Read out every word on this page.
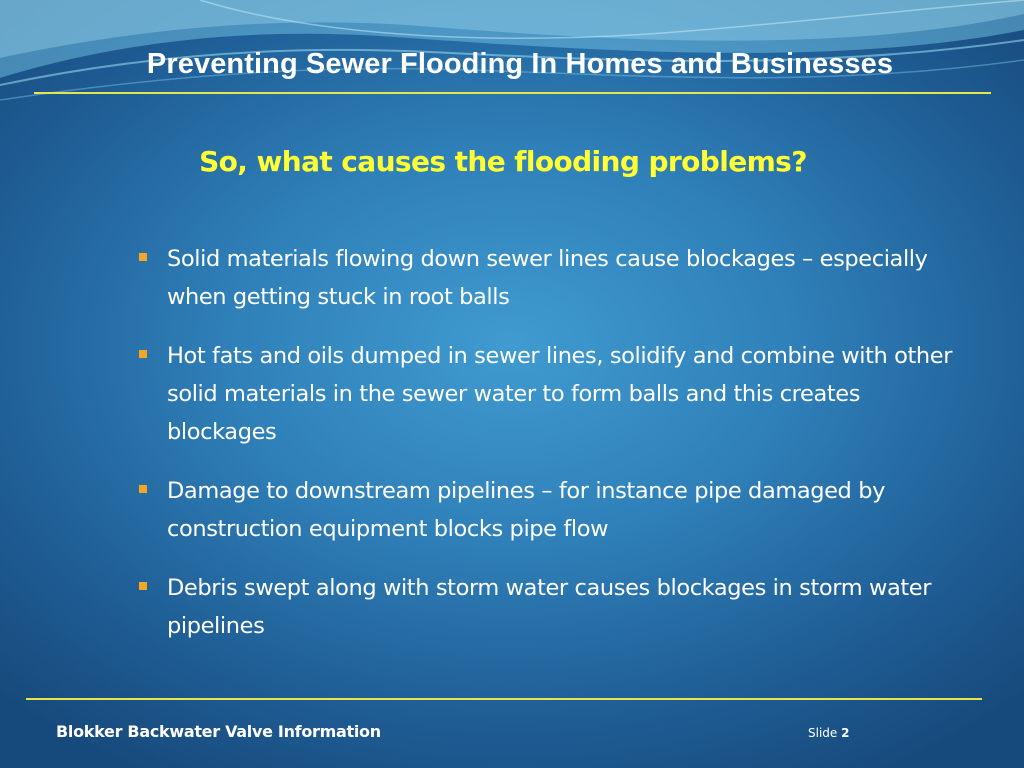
Preventing Sewer Flooding In Homes and Businesses
So, what causes the flooding problems?
Solid materials flowing down sewer lines cause blockages – especially when getting stuck in root balls
Hot fats and oils dumped in sewer lines, solidify and combine with other solid materials in the sewer water to form balls and this creates blockages
Damage to downstream pipelines – for instance pipe damaged by construction equipment blocks pipe flow
Debris swept along with storm water causes blockages in storm water pipelines
Blokker Backwater Valve Information	Slide 2
